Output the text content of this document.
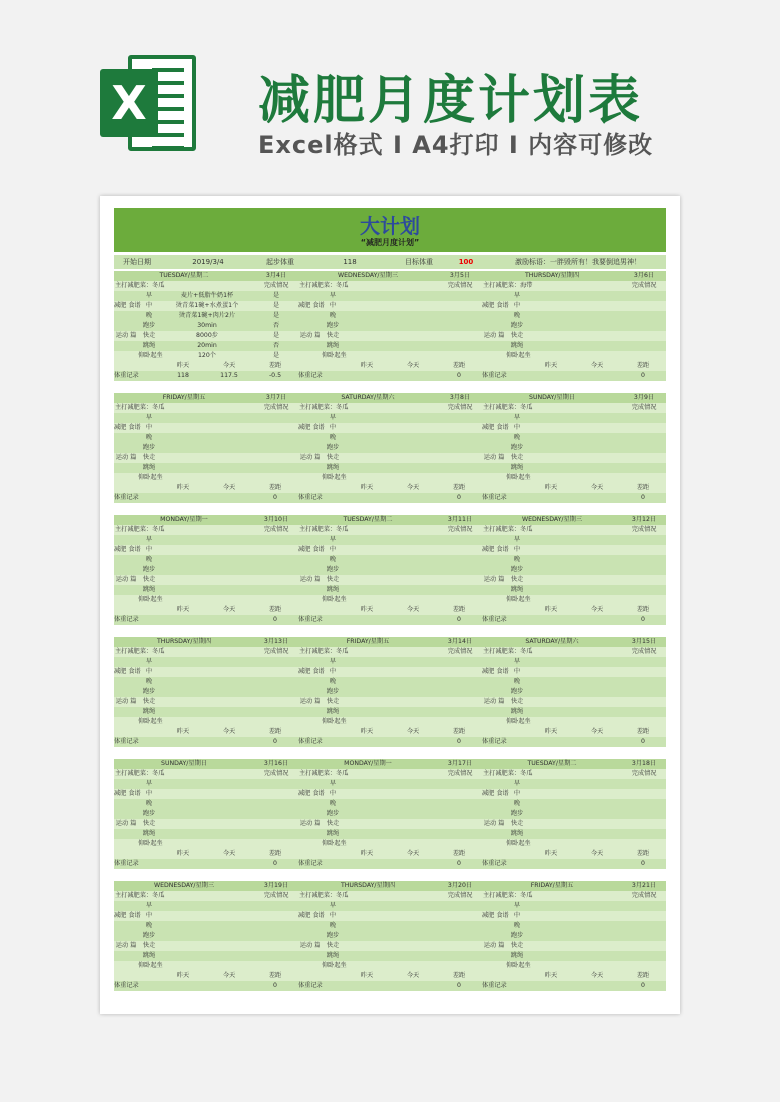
X 减肥月度计划表
Excel格式 I A4打印 I 内容可修改
大计划
“减肥月度计划”
开始日期	2019/3/4	起步体重	118	目标体重	100	激励标语：一胖毁所有！我要倒追男神！
TUESDAY/星期二	3月4日
主打减肥菜：冬瓜	完成情况
早	麦片+低脂牛奶1杯	是
减肥 食谱 中	烫青菜1碗+水煮蛋1个	是
晚	烫青菜1碗+肉片2片	是
跑步	30min	否
运动 篇	快走	8000步	是
跳绳	20min	否
仰卧起坐	120个	是
昨天	今天	差距
体重记录	118	117.5	-0.5
WEDNESDAY/星期三	3月5日
主打减肥菜：冬瓜	完成情况
早
减肥 食谱 中
晚
跑步
运动 篇	快走
跳绳
仰卧起坐
昨天	今天	差距
体重记录	0
THURSDAY/星期四	3月6日
主打减肥菜：海带	完成情况
早
减肥 食谱 中
晚
跑步
运动 篇	快走
跳绳
仰卧起坐
昨天	今天	差距
体重记录	0
FRIDAY/星期五	3月7日
主打减肥菜：冬瓜	完成情况
早
减肥 食谱 中
晚
跑步
运动 篇	快走
跳绳
仰卧起坐
昨天	今天	差距
体重记录	0
SATURDAY/星期六	3月8日
主打减肥菜：冬瓜	完成情况
早
减肥 食谱 中
晚
跑步
运动 篇	快走
跳绳
仰卧起坐
昨天	今天	差距
体重记录	0
SUNDAY/星期日	3月9日
主打减肥菜：冬瓜	完成情况
早
减肥 食谱 中
晚
跑步
运动 篇	快走
跳绳
仰卧起坐
昨天	今天	差距
体重记录	0
MONDAY/星期一	3月10日
主打减肥菜：冬瓜	完成情况
早
减肥 食谱 中
晚
跑步
运动 篇	快走
跳绳
仰卧起坐
昨天	今天	差距
体重记录	0
TUESDAY/星期二	3月11日
主打减肥菜：冬瓜	完成情况
早
减肥 食谱 中
晚
跑步
运动 篇	快走
跳绳
仰卧起坐
昨天	今天	差距
体重记录	0
WEDNESDAY/星期三	3月12日
主打减肥菜：冬瓜	完成情况
早
减肥 食谱 中
晚
跑步
运动 篇	快走
跳绳
仰卧起坐
昨天	今天	差距
体重记录	0
THURSDAY/星期四	3月13日
主打减肥菜：冬瓜	完成情况
早
减肥 食谱 中
晚
跑步
运动 篇	快走
跳绳
仰卧起坐
昨天	今天	差距
体重记录	0
FRIDAY/星期五	3月14日
主打减肥菜：冬瓜	完成情况
早
减肥 食谱 中
晚
跑步
运动 篇	快走
跳绳
仰卧起坐
昨天	今天	差距
体重记录	0
SATURDAY/星期六	3月15日
主打减肥菜：冬瓜	完成情况
早
减肥 食谱 中
晚
跑步
运动 篇	快走
跳绳
仰卧起坐
昨天	今天	差距
体重记录	0
SUNDAY/星期日	3月16日
主打减肥菜：冬瓜	完成情况
早
减肥 食谱 中
晚
跑步
运动 篇	快走
跳绳
仰卧起坐
昨天	今天	差距
体重记录	0
MONDAY/星期一	3月17日
主打减肥菜：冬瓜	完成情况
早
减肥 食谱 中
晚
跑步
运动 篇	快走
跳绳
仰卧起坐
昨天	今天	差距
体重记录	0
TUESDAY/星期二	3月18日
主打减肥菜：冬瓜	完成情况
早
减肥 食谱 中
晚
跑步
运动 篇	快走
跳绳
仰卧起坐
昨天	今天	差距
体重记录	0
WEDNESDAY/星期三	3月19日
主打减肥菜：冬瓜	完成情况
早
减肥 食谱 中
晚
跑步
运动 篇	快走
跳绳
仰卧起坐
昨天	今天	差距
体重记录	0
THURSDAY/星期四	3月20日
主打减肥菜：冬瓜	完成情况
早
减肥 食谱 中
晚
跑步
运动 篇	快走
跳绳
仰卧起坐
昨天	今天	差距
体重记录	0
FRIDAY/星期五	3月21日
主打减肥菜：冬瓜	完成情况
早
减肥 食谱 中
晚
跑步
运动 篇	快走
跳绳
仰卧起坐
昨天	今天	差距
体重记录	0
